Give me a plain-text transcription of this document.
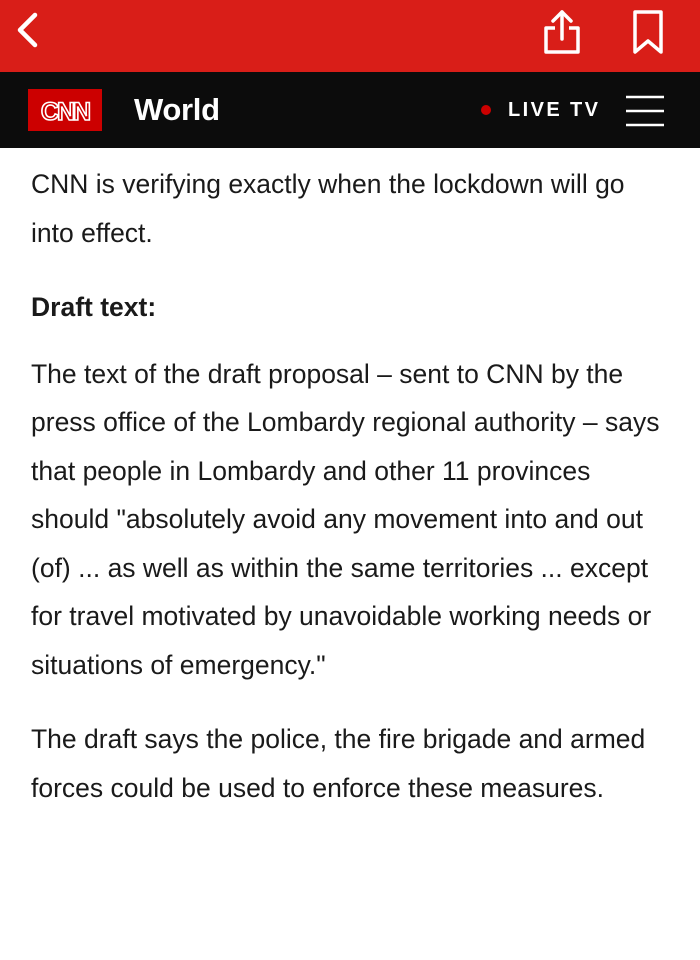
CNN World	LIVE TV

CNN is verifying exactly when the lockdown will go into effect.

Draft text:

The text of the draft proposal – sent to CNN by the press office of the Lombardy regional authority – says that people in Lombardy and other 11 provinces should "absolutely avoid any movement into and out (of) ... as well as within the same territories ... except for travel motivated by unavoidable working needs or situations of emergency."

The draft says the police, the fire brigade and armed forces could be used to enforce these measures.
